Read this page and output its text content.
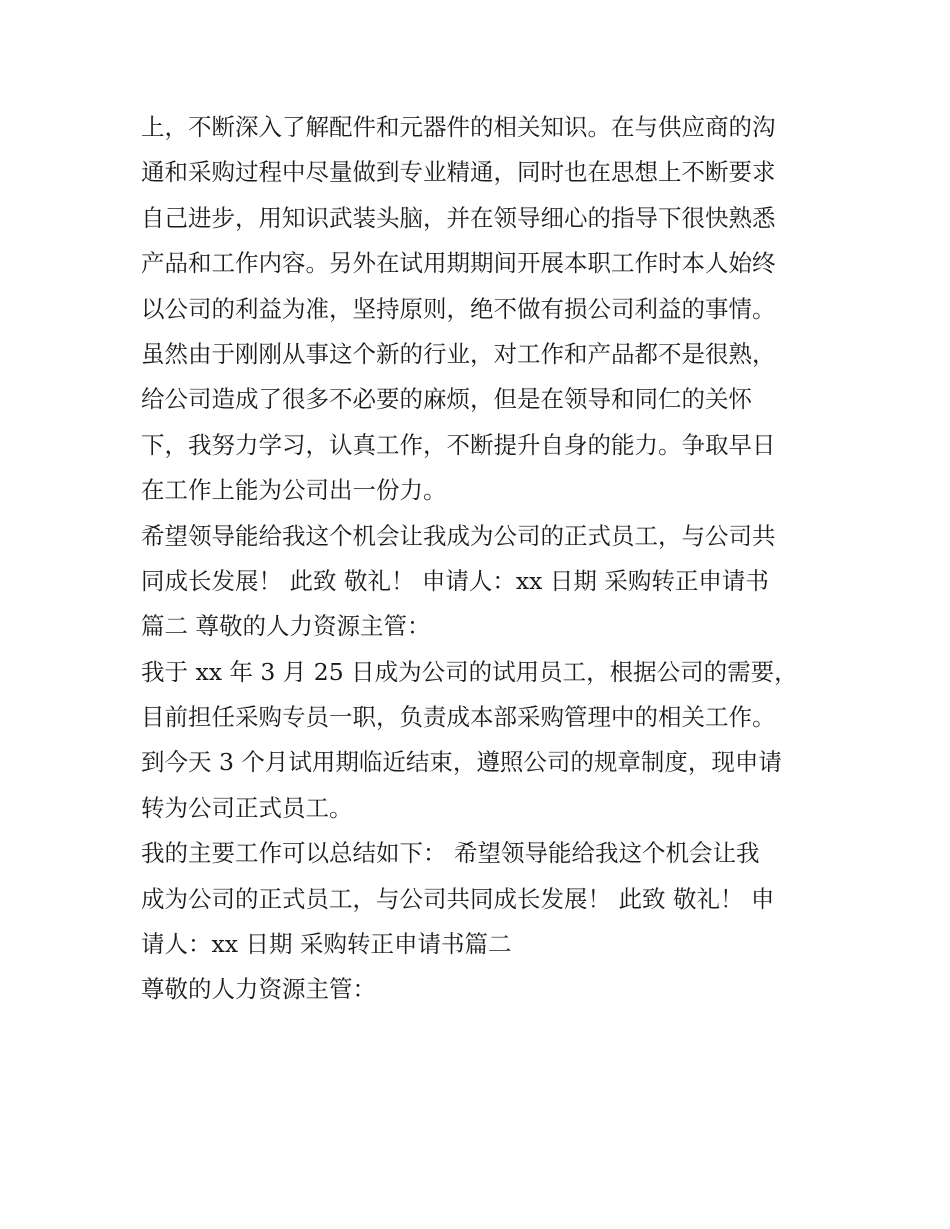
上，不断深入了解配件和元器件的相关知识。在与供应商的沟
通和采购过程中尽量做到专业精通，同时也在思想上不断要求
自己进步，用知识武装头脑，并在领导细心的指导下很快熟悉
产品和工作内容。另外在试用期期间开展本职工作时本人始终
以公司的利益为准，坚持原则，绝不做有损公司利益的事情。
虽然由于刚刚从事这个新的行业，对工作和产品都不是很熟，
给公司造成了很多不必要的麻烦，但是在领导和同仁的关怀
下，我努力学习，认真工作，不断提升自身的能力。争取早日
在工作上能为公司出一份力。
希望领导能给我这个机会让我成为公司的正式员工，与公司共
同成长发展！ 此致 敬礼！ 申请人：xx 日期 采购转正申请书
篇二 尊敬的人力资源主管：
我于 xx 年 3 月 25 日成为公司的试用员工，根据公司的需要，
目前担任采购专员一职，负责成本部采购管理中的相关工作。
到今天 3 个月试用期临近结束，遵照公司的规章制度，现申请
转为公司正式员工。
我的主要工作可以总结如下： 希望领导能给我这个机会让我
成为公司的正式员工，与公司共同成长发展！ 此致 敬礼！ 申
请人：xx 日期 采购转正申请书篇二
尊敬的人力资源主管：
